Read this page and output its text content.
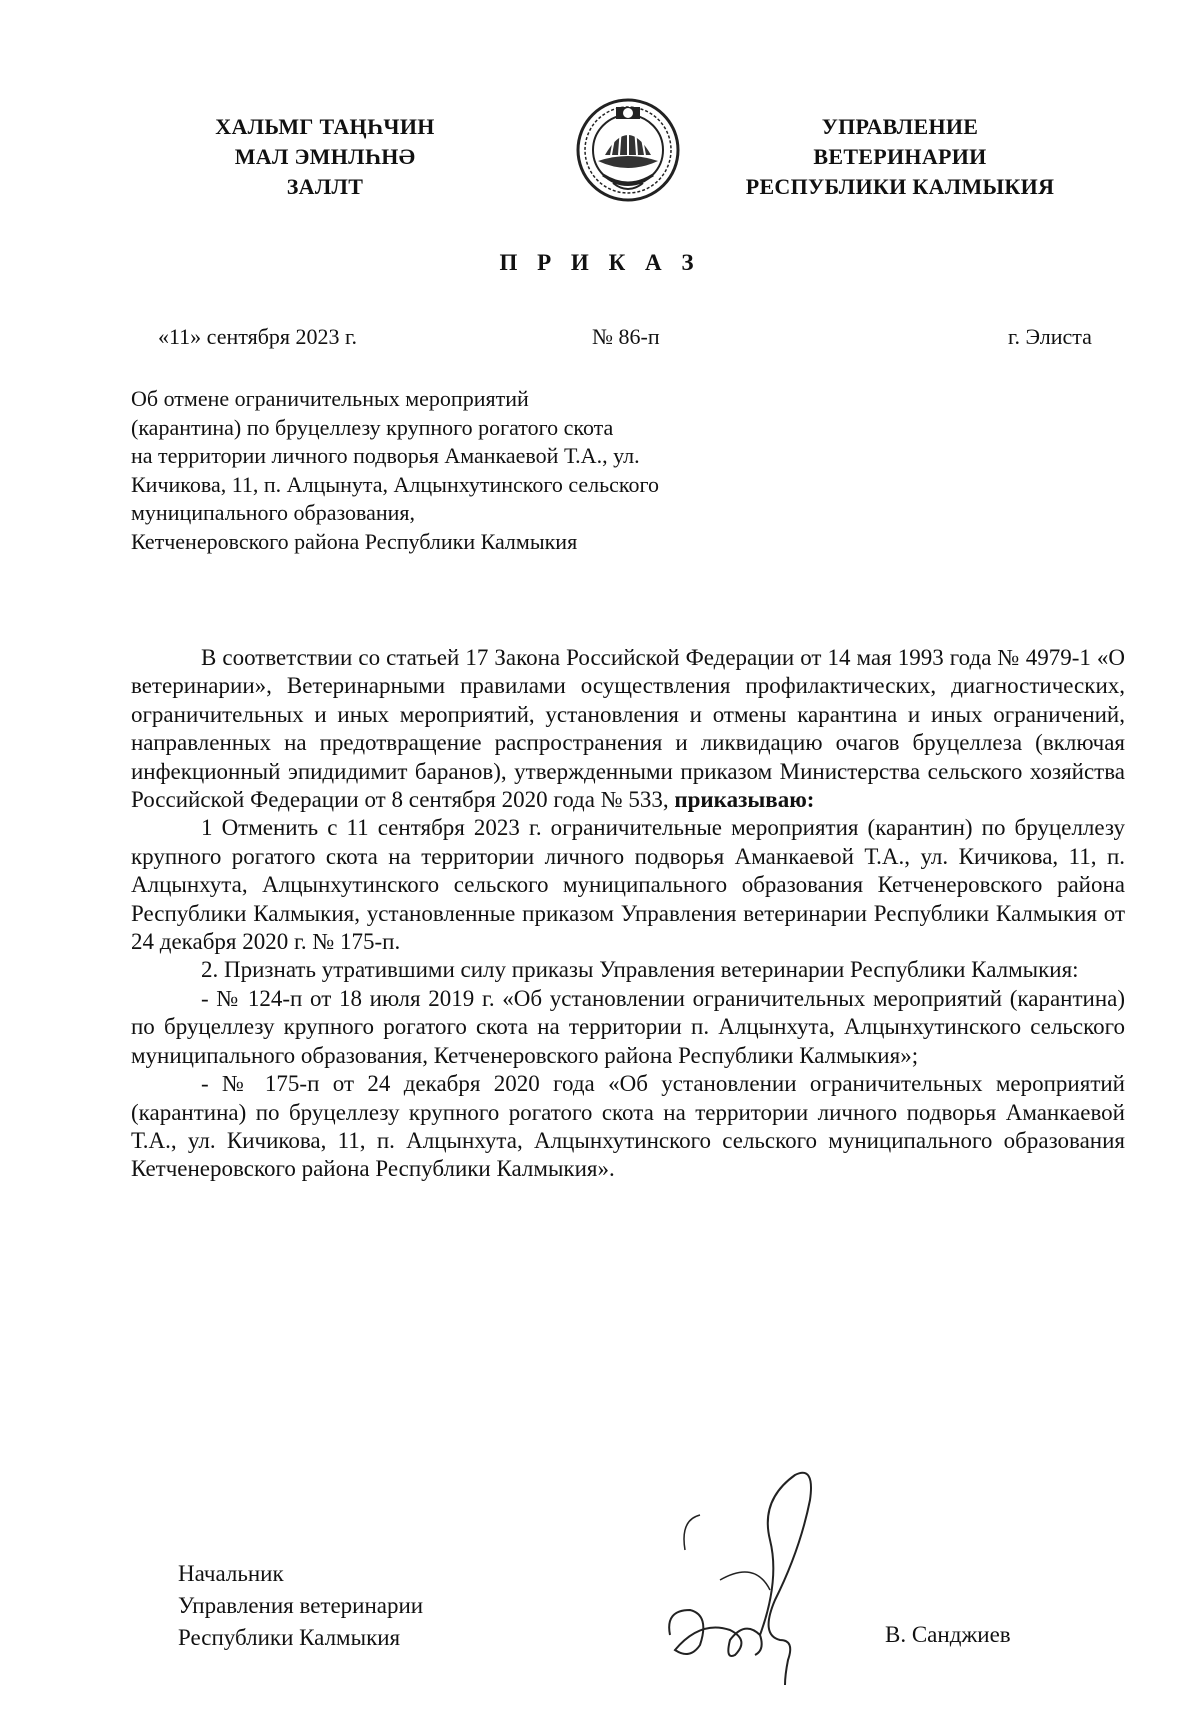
ХАЛЬМГ ТАҢҺЧИН
МАЛ ЭМНЛҺНӘ
ЗАЛЛТ
УПРАВЛЕНИЕ
ВЕТЕРИНАРИИ
РЕСПУБЛИКИ КАЛМЫКИЯ
П Р И К А З
«11» сентября 2023 г.	№ 86-п	г. Элиста
Об отмене ограничительных мероприятий
(карантина) по бруцеллезу крупного рогатого скота
на территории личного подворья Аманкаевой Т.А., ул.
Кичикова, 11, п. Алцынута, Алцынхутинского сельского
муниципального образования,
Кетченеровского района Республики Калмыкия

В соответствии со статьей 17 Закона Российской Федерации от 14 мая 1993 года № 4979-1 «О ветеринарии», Ветеринарными правилами осуществления профилактических, диагностических, ограничительных и иных мероприятий, установления и отмены карантина и иных ограничений, направленных на предотвращение распространения и ликвидацию очагов бруцеллеза (включая инфекционный эпидидимит баранов), утвержденными приказом Министерства сельского хозяйства Российской Федерации от 8 сентября 2020 года № 533, приказываю:

1 Отменить с 11 сентября 2023 г. ограничительные мероприятия (карантин) по бруцеллезу крупного рогатого скота на территории личного подворья Аманкаевой Т.А., ул. Кичикова, 11, п. Алцынхута, Алцынхутинского сельского муниципального образования Кетченеровского района Республики Калмыкия, установленные приказом Управления ветеринарии Республики Калмыкия от 24 декабря 2020 г. № 175-п.

2. Признать утратившими силу приказы Управления ветеринарии Республики Калмыкия:

- № 124-п от 18 июля 2019 г. «Об установлении ограничительных мероприятий (карантина) по бруцеллезу крупного рогатого скота на территории п. Алцынхута, Алцынхутинского сельского муниципального образования, Кетченеровского района Республики Калмыкия»;

- № 175-п от 24 декабря 2020 года «Об установлении ограничительных мероприятий (карантина) по бруцеллезу крупного рогатого скота на территории личного подворья Аманкаевой Т.А., ул. Кичикова, 11, п. Алцынхута, Алцынхутинского сельского муниципального образования Кетченеровского района Республики Калмыкия».

Начальник
Управления ветеринарии
Республики Калмыкия	В. Санджиев
